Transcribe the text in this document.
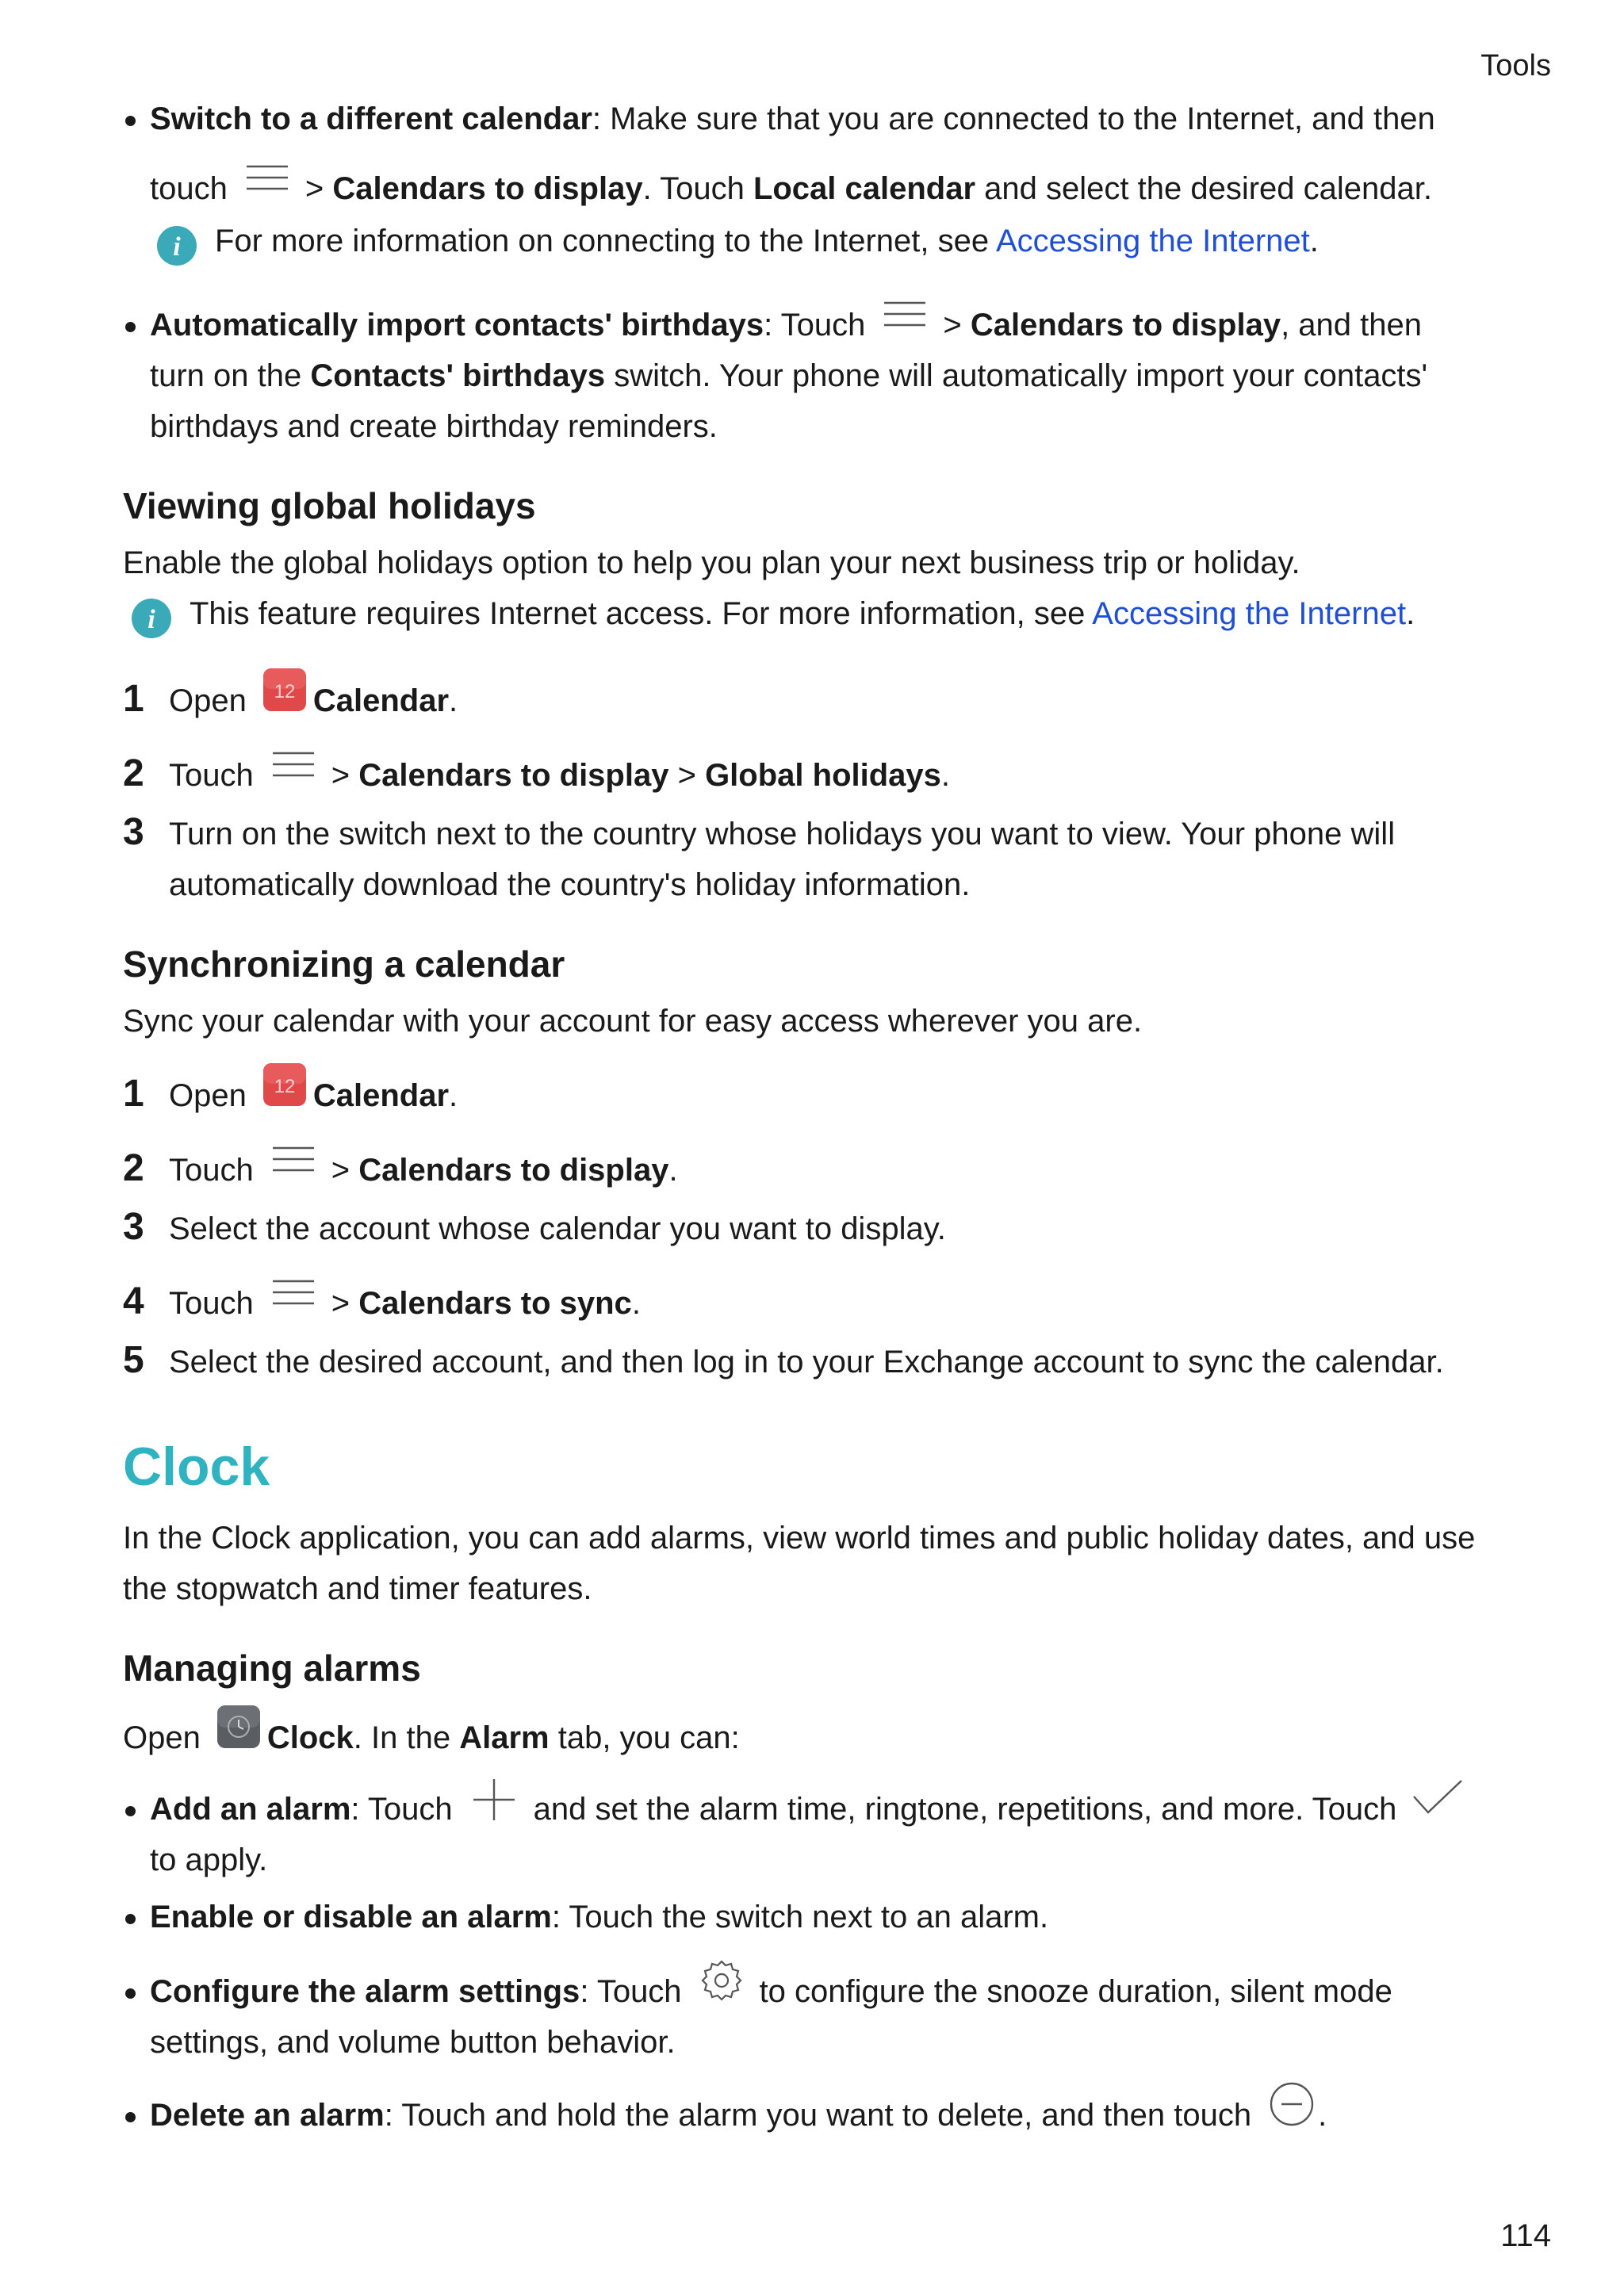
Tools
Switch to a different calendar: Make sure that you are connected to the Internet, and then
touch > Calendars to display. Touch Local calendar and select the desired calendar.
i For more information on connecting to the Internet, see Accessing the Internet.
Automatically import contacts' birthdays: Touch > Calendars to display, and then
turn on the Contacts' birthdays switch. Your phone will automatically import your contacts'
birthdays and create birthday reminders.
Viewing global holidays
Enable the global holidays option to help you plan your next business trip or holiday.
i This feature requires Internet access. For more information, see Accessing the Internet.
1 Open 12 Calendar.
2 Touch > Calendars to display > Global holidays.
3 Turn on the switch next to the country whose holidays you want to view. Your phone will
automatically download the country's holiday information.
Synchronizing a calendar
Sync your calendar with your account for easy access wherever you are.
1 Open 12 Calendar.
2 Touch > Calendars to display.
3 Select the account whose calendar you want to display.
4 Touch > Calendars to sync.
5 Select the desired account, and then log in to your Exchange account to sync the calendar.
Clock
In the Clock application, you can add alarms, view world times and public holiday dates, and use
the stopwatch and timer features.
Managing alarms
Open Clock. In the Alarm tab, you can:
Add an alarm: Touch	and set the alarm time, ringtone, repetitions, and more. Touch
to apply.
Enable or disable an alarm: Touch the switch next to an alarm.
Configure the alarm settings: Touch to configure the snooze duration, silent mode
settings, and volume button behavior.
Delete an alarm: Touch and hold the alarm you want to delete, and then touch .
114
